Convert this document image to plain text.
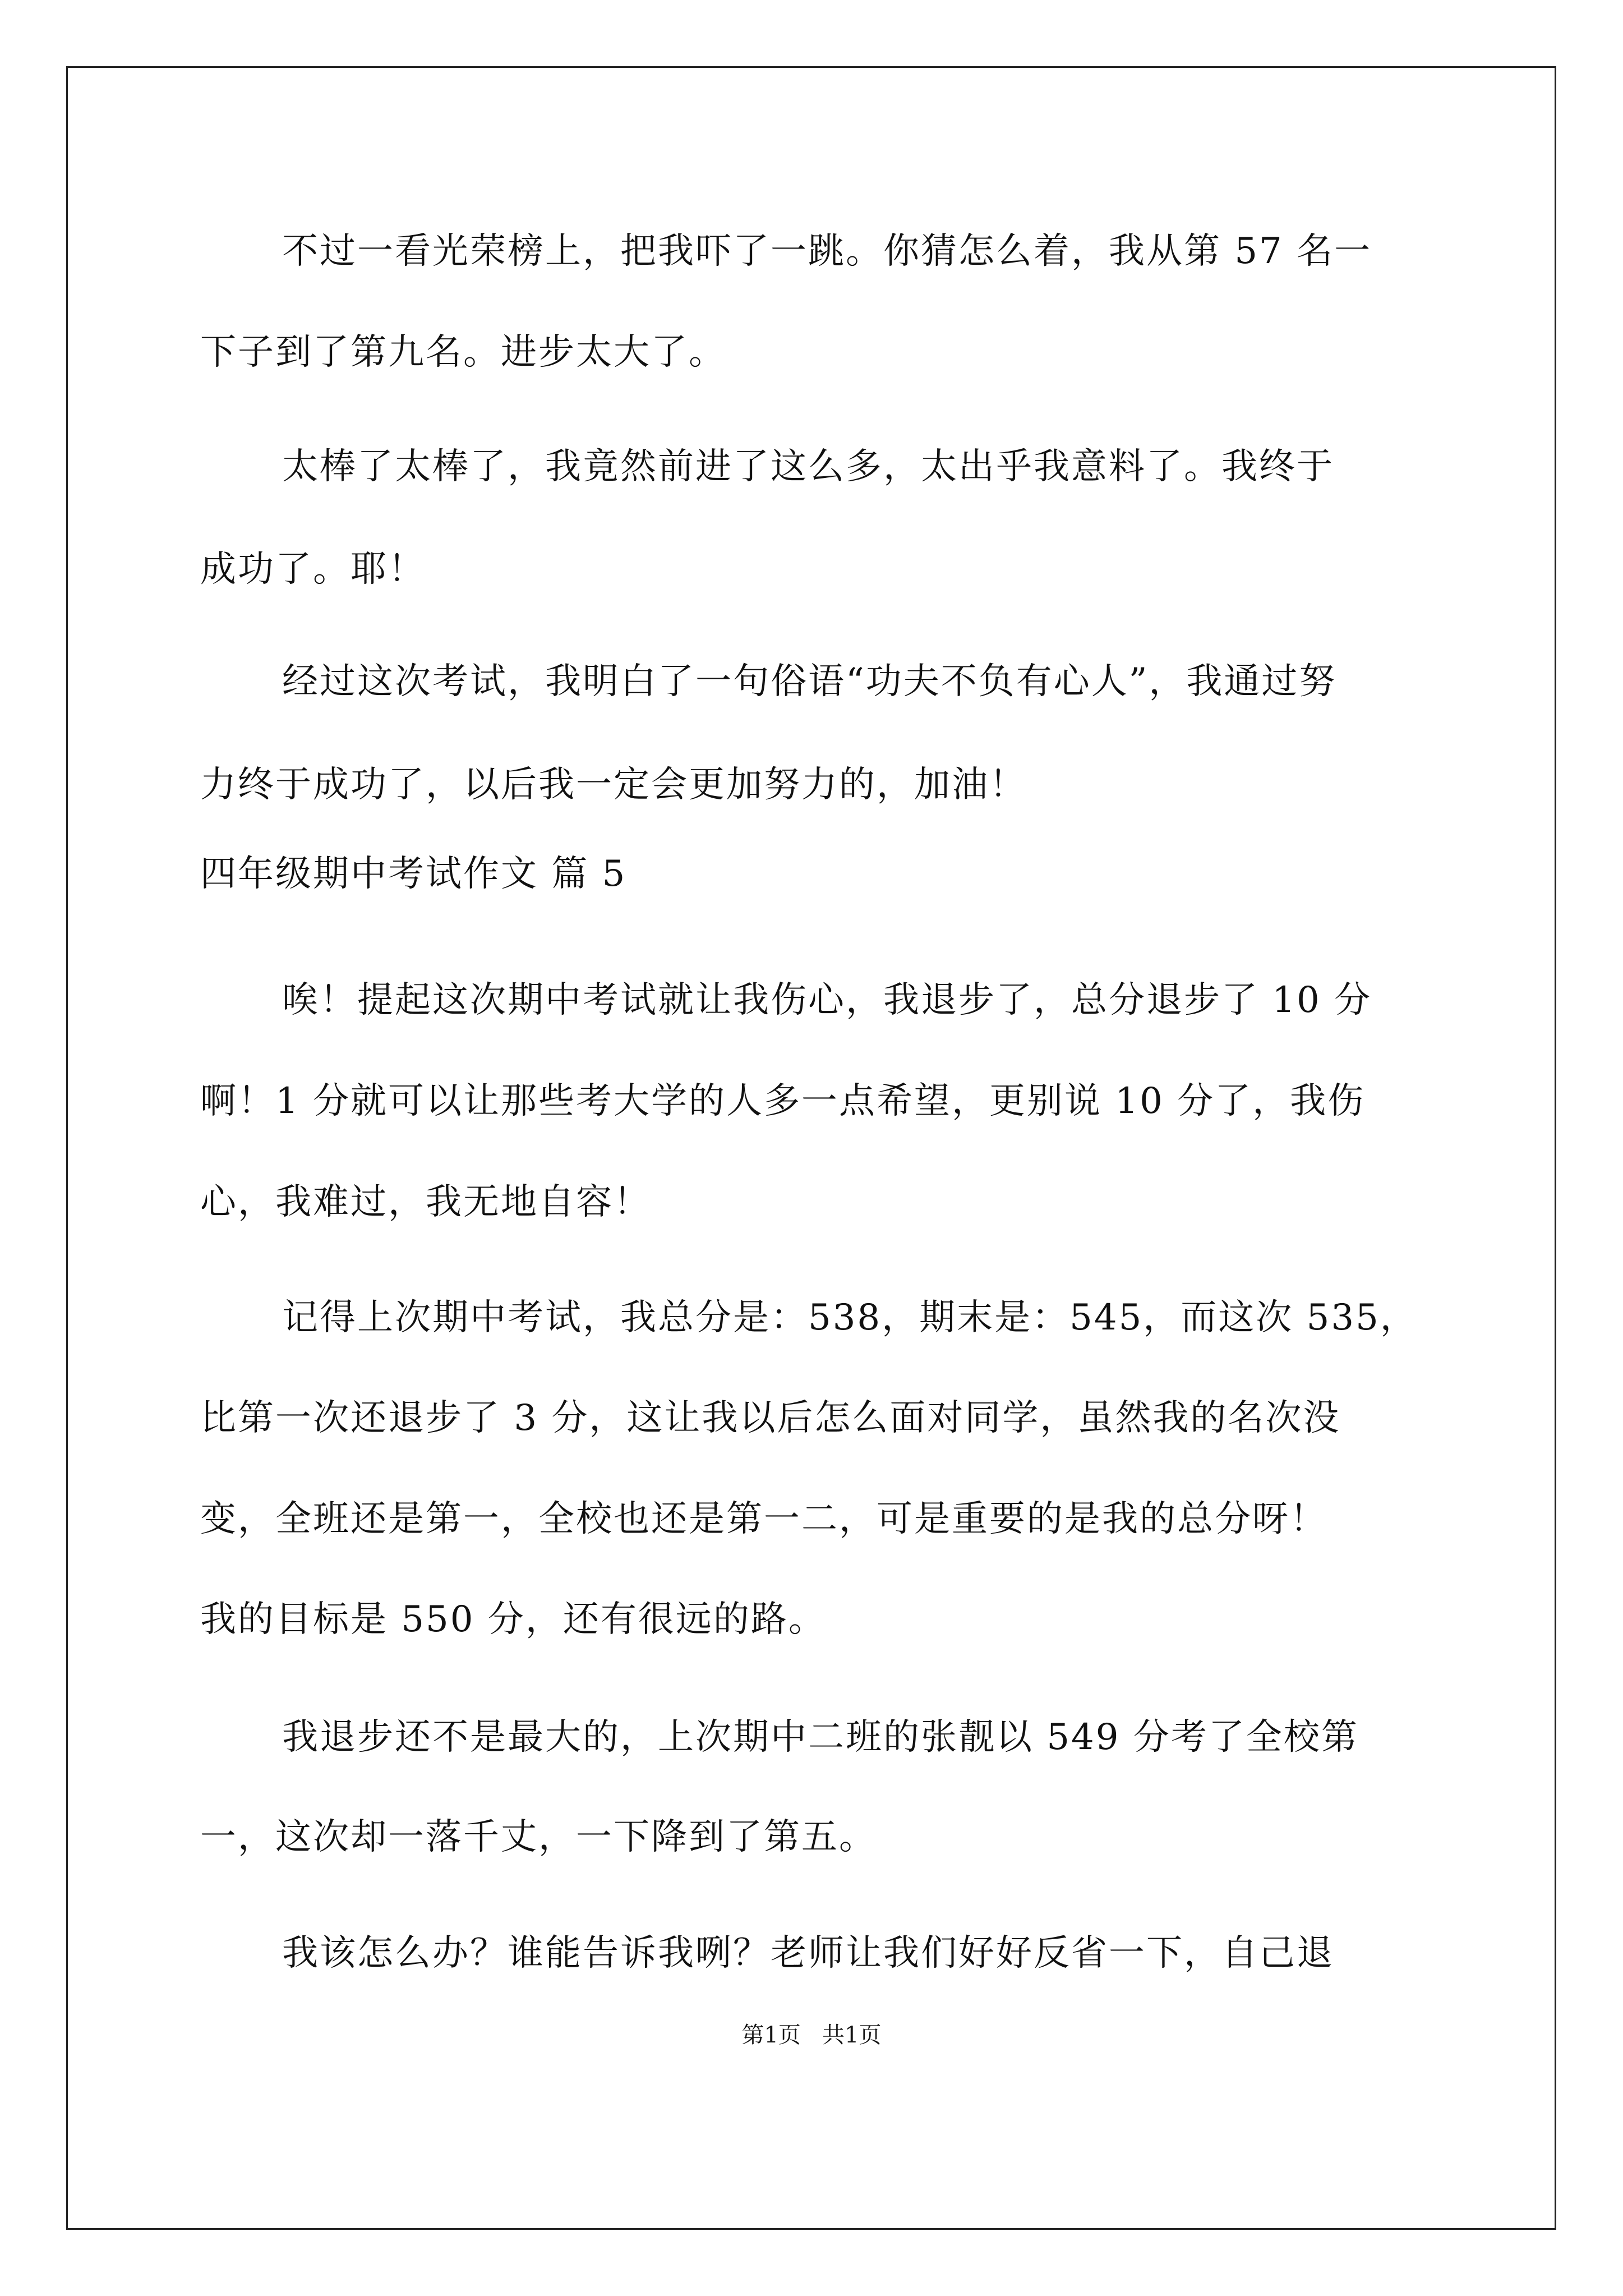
不过一看光荣榜上，把我吓了一跳。你猜怎么着，我从第 57 名一
下子到了第九名。进步太大了。
太棒了太棒了，我竟然前进了这么多，太出乎我意料了。我终于
成功了。耶！
经过这次考试，我明白了一句俗语“功夫不负有心人”，我通过努
力终于成功了，以后我一定会更加努力的，加油！
四年级期中考试作文 篇 5
唉！提起这次期中考试就让我伤心，我退步了，总分退步了 10 分
啊！1 分就可以让那些考大学的人多一点希望，更别说 10 分了，我伤
心，我难过，我无地自容！
记得上次期中考试，我总分是：538，期末是：545，而这次 535，
比第一次还退步了 3 分，这让我以后怎么面对同学，虽然我的名次没
变，全班还是第一，全校也还是第一二，可是重要的是我的总分呀！
我的目标是 550 分，还有很远的路。
我退步还不是最大的，上次期中二班的张靓以 549 分考了全校第
一，这次却一落千丈，一下降到了第五。
我该怎么办？谁能告诉我咧？老师让我们好好反省一下，自己退
第1页   共1页
